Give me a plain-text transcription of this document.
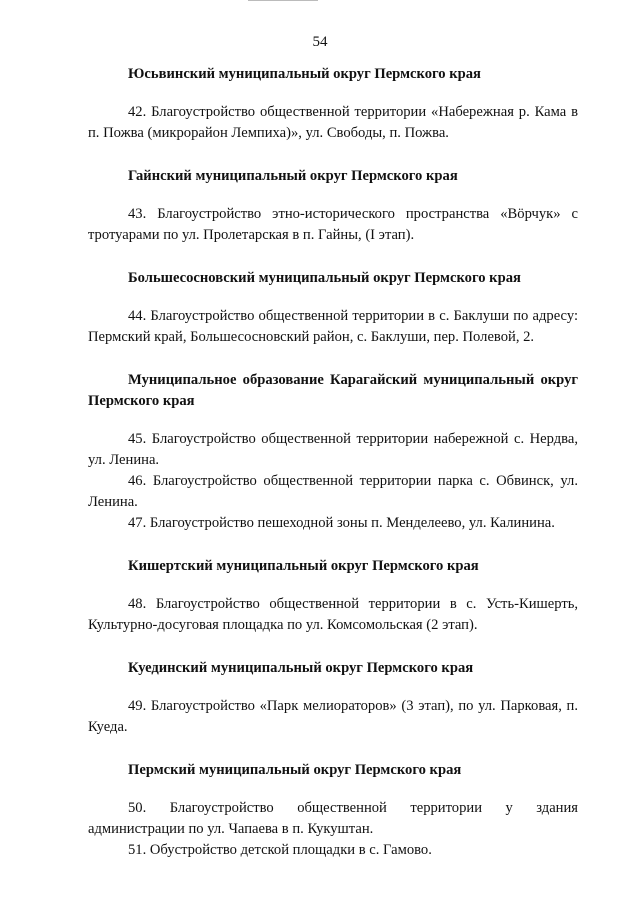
54

Юсьвинский муниципальный округ Пермского края

42. Благоустройство общественной территории «Набережная р. Кама в п. Пожва (микрорайон Лемпиха)», ул. Свободы, п. Пожва.

Гайнский муниципальный округ Пермского края

43. Благоустройство этно-исторического пространства «Вöрчук» с тротуарами по ул. Пролетарская в п. Гайны, (I этап).

Большесосновский муниципальный округ Пермского края

44. Благоустройство общественной территории в с. Баклуши по адресу: Пермский край, Большесосновский район, с. Баклуши, пер. Полевой, 2.

Муниципальное образование Карагайский муниципальный округ Пермского края

45. Благоустройство общественной территории набережной с. Нердва, ул. Ленина.

46. Благоустройство общественной территории парка с. Обвинск, ул. Ленина.

47. Благоустройство пешеходной зоны п. Менделеево, ул. Калинина.

Кишертский муниципальный округ Пермского края

48. Благоустройство общественной территории в с. Усть-Кишерть, Культурно-досуговая площадка по ул. Комсомольская (2 этап).

Куединский муниципальный округ Пермского края

49. Благоустройство «Парк мелиораторов» (3 этап), по ул. Парковая, п. Куеда.

Пермский муниципальный округ Пермского края

50. Благоустройство общественной территории у здания администрации по ул. Чапаева в п. Кукуштан.

51. Обустройство детской площадки в с. Гамово.
